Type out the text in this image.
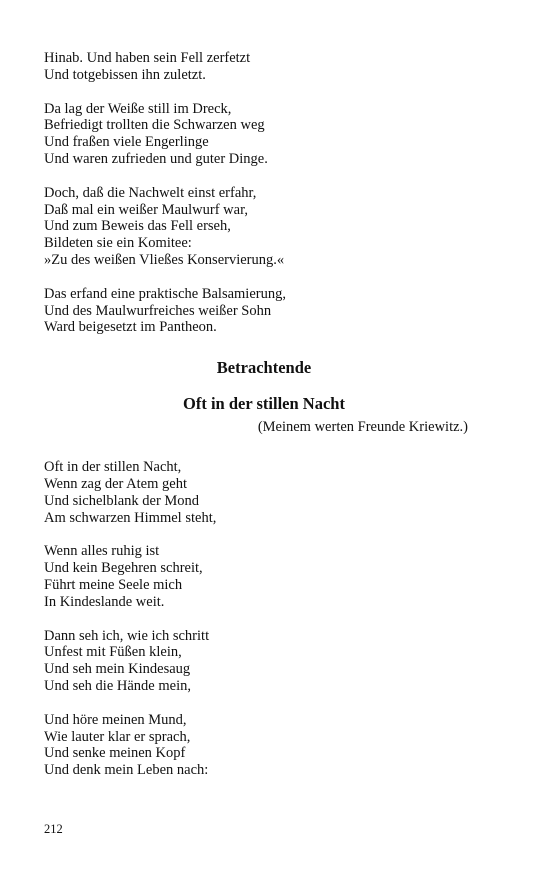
Hinab. Und haben sein Fell zerfetzt
Und totgebissen ihn zuletzt.
Da lag der Weiße still im Dreck,
Befriedigt trollten die Schwarzen weg
Und fraßen viele Engerlinge
Und waren zufrieden und guter Dinge.
Doch, daß die Nachwelt einst erfahr,
Daß mal ein weißer Maulwurf war,
Und zum Beweis das Fell erseh,
Bildeten sie ein Komitee:
»Zu des weißen Vließes Konservierung.«
Das erfand eine praktische Balsamierung,
Und des Maulwurfreiches weißer Sohn
Ward beigesetzt im Pantheon.
Betrachtende
Oft in der stillen Nacht
(Meinem werten Freunde Kriewitz.)
Oft in der stillen Nacht,
Wenn zag der Atem geht
Und sichelblank der Mond
Am schwarzen Himmel steht,
Wenn alles ruhig ist
Und kein Begehren schreit,
Führt meine Seele mich
In Kindeslande weit.
Dann seh ich, wie ich schritt
Unfest mit Füßen klein,
Und seh mein Kindesaug
Und seh die Hände mein,
Und höre meinen Mund,
Wie lauter klar er sprach,
Und senke meinen Kopf
Und denk mein Leben nach:
212
